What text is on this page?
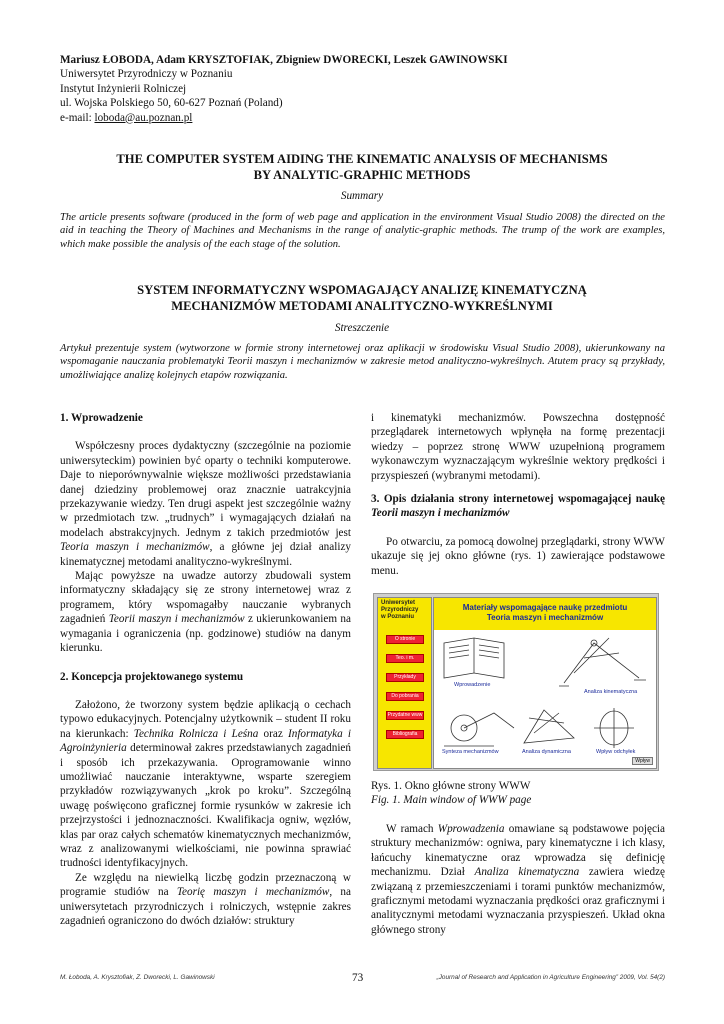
Mariusz ŁOBODA, Adam KRYSZTOFIAK, Zbigniew DWORECKI, Leszek GAWINOWSKI
Uniwersytet Przyrodniczy w Poznaniu
Instytut Inżynierii Rolniczej
ul. Wojska Polskiego 50, 60-627 Poznań (Poland)
e-mail: loboda@au.poznan.pl
THE COMPUTER SYSTEM AIDING THE KINEMATIC ANALYSIS OF MECHANISMS
BY ANALYTIC-GRAPHIC METHODS
Summary
The article presents software (produced in the form of web page and application in the environment Visual Studio 2008) the directed on the aid in teaching the Theory of Machines and Mechanisms in the range of analytic-graphic methods. The trump of the work are examples, which make possible the analysis of the each stage of the solution.
SYSTEM INFORMATYCZNY WSPOMAGAJĄCY ANALIZĘ KINEMATYCZNĄ
MECHANIZMÓW METODAMI ANALITYCZNO-WYKREŚLNYMI
Streszczenie
Artykuł prezentuje system (wytworzone w formie strony internetowej oraz aplikacji w środowisku Visual Studio 2008), ukierunkowany na wspomaganie nauczania problematyki Teorii maszyn i mechanizmów w zakresie metod analityczno-wykreślnych. Atutem pracy są przykłady, umożliwiające analizę kolejnych etapów rozwiązania.
1. Wprowadzenie

Współczesny proces dydaktyczny (szczególnie na poziomie uniwersyteckim) powinien być oparty o techniki komputerowe. Daje to nieporównywalnie większe możliwości przedstawiania danej dziedziny problemowej oraz znacznie uatrakcyjnia przekazywanie wiedzy. Ten drugi aspekt jest szczególnie ważny w przedmiotach tzw. „trudnych” i wymagających działań na modelach abstrakcyjnych. Jednym z takich przedmiotów jest Teoria maszyn i mechanizmów, a główne jej dział analizy kinematycznej metodami analityczno-wykreślnymi.

Mając powyższe na uwadze autorzy zbudowali system informatyczny składający się ze strony internetowej wraz z programem, który wspomagałby nauczanie wybranych zagadnień Teorii maszyn i mechanizmów z ukierunkowaniem na wymagania i ograniczenia (np. godzinowe) studiów na danym kierunku.

2. Koncepcja projektowanego systemu

Założono, że tworzony system będzie aplikacją o cechach typowo edukacyjnych. Potencjalny użytkownik – student II roku na kierunkach: Technika Rolnicza i Leśna oraz Informatyka i Agroinżynieria determinował zakres przedstawianych zagadnień i sposób ich przekazywania. Oprogramowanie winno umożliwiać nauczanie interaktywne, wsparte szeregiem przykładów rozwiązywanych „krok po kroku”. Szczególną uwagę poświęcono graficznej formie rysunków w zakresie ich przejrzystości i jednoznaczności. Kwalifikacja ogniw, węzłów, klas par oraz całych schematów kinematycznych mechanizmów, wraz z analizowanymi wielkościami, nie powinna sprawiać trudności identyfikacyjnych.

Ze względu na niewielką liczbę godzin przeznaczoną w programie studiów na Teorię maszyn i mechanizmów, na uniwersytetach przyrodniczych i rolniczych, wstępnie zakres zagadnień ograniczono do dwóch działów: struktury

i kinematyki mechanizmów. Powszechna dostępność przeglądarek internetowych wpłynęła na formę prezentacji wiedzy – poprzez stronę WWW uzupełnioną programem wykonawczym wyznaczającym wykreślnie wektory prędkości i przyspieszeń (wybranymi metodami).

3. Opis działania strony internetowej wspomagającej naukę Teorii maszyn i mechanizmów

Po otwarciu, za pomocą dowolnej przeglądarki, strony WWW ukazuje się jej okno główne (rys. 1) zawierające podstawowe menu.

Uniwersytet
Przyrodniczy
w Poznaniu
O stronie
Teo. i m.
Przykłady
Do pobrania
Przydatne www
Bibliografia
Materiały wspomagające naukę przedmiotu
Teoria maszyn i mechanizmów
Wprowadzenie
Analiza kinematyczna
Synteza mechanizmów	Analiza dynamiczna	Wpływ odchyłek
Wpływ
Rys. 1. Okno główne strony WWW
Fig. 1. Main window of WWW page

W ramach Wprowadzenia omawiane są podstawowe pojęcia struktury mechanizmów: ogniwa, pary kinematyczne i ich klasy, łańcuchy kinematyczne oraz wprowadza się definicję mechanizmu. Dział Analiza kinematyczna zawiera wiedzę związaną z przemieszczeniami i torami punktów mechanizmów, graficznymi metodami wyznaczania prędkości oraz graficznymi i analitycznymi metodami wyznaczania przyspieszeń. Układ okna głównego strony

M. Łoboda, A. Krysztofiak, Z. Dworecki, L. Gawinowski	73	„Journal of Research and Application in Agriculture Engineering” 2009, Vol. 54(2)
